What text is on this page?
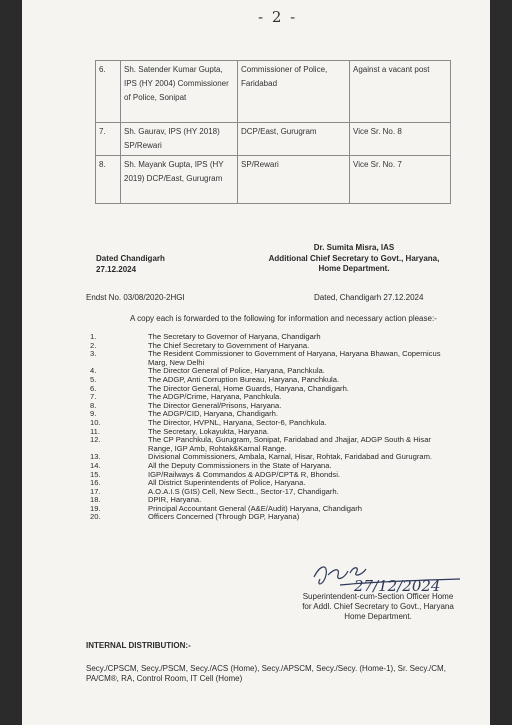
- 2 -
6.	Sh. Satender Kumar Gupta, IPS (HY 2004) Commissioner of Police, Sonipat	Commissioner of Police, Faridabad	Against a vacant post
7.	Sh. Gaurav, IPS (HY 2018) SP/Rewari	DCP/East, Gurugram	Vice Sr. No. 8
8.	Sh. Mayank Gupta, IPS (HY 2019) DCP/East, Gurugram	SP/Rewari	Vice Sr. No. 7
Dated Chandigarh
27.12.2024
Dr. Sumita Misra, IAS
Additional Chief Secretary to Govt., Haryana,
Home Department.
Endst No. 03/08/2020-2HGI	Dated, Chandigarh 27.12.2024
A copy each is forwarded to the following for information and necessary action please:-
1.	The Secretary to Governor of Haryana, Chandigarh
2.	The Chief Secretary to Government of Haryana.
3.	The Resident Commissioner to Government of Haryana, Haryana Bhawan, Copernicus Marg, New Delhi
4.	The Director General of Police, Haryana, Panchkula.
5.	The ADGP, Anti Corruption Bureau, Haryana, Panchkula.
6.	The Director General, Home Guards, Haryana, Chandigarh.
7.	The ADGP/Crime, Haryana, Panchkula.
8.	The Director General/Prisons, Haryana.
9.	The ADGP/CID, Haryana, Chandigarh.
10.	The Director, HVPNL, Haryana, Sector-6, Panchkula.
11.	The Secretary, Lokayukta, Haryana.
12.	The CP Panchkula, Gurugram, Sonipat, Faridabad and Jhajjar, ADGP South & Hisar Range, IGP Amb, Rohtak&Karnal Range.
13.	Divisional Commissioners, Ambala, Karnal, Hisar, Rohtak, Faridabad and Gurugram.
14.	All the Deputy Commissioners in the State of Haryana.
15.	IGP/Railways & Commandos & ADGP/CPT& R, Bhondsi.
16.	All District Superintendents of Police, Haryana.
17.	A.O.A.I.S (GIS) Cell, New Sectt., Sector-17, Chandigarh.
18.	DPIR, Haryana.
19.	Principal Accountant General (A&E/Audit) Haryana, Chandigarh
20.	Officers Concerned (Through DGP, Haryana)
27/12/2024
Superintendent-cum-Section Officer Home
for Addl. Chief Secretary to Govt., Haryana
Home Department.
INTERNAL DISTRIBUTION:-
Secy./CPSCM, Secy./PSCM, Secy./ACS (Home), Secy./APSCM, Secy./Secy. (Home-1), Sr. Secy./CM, PA/CM®, RA, Control Room, IT Cell (Home)
